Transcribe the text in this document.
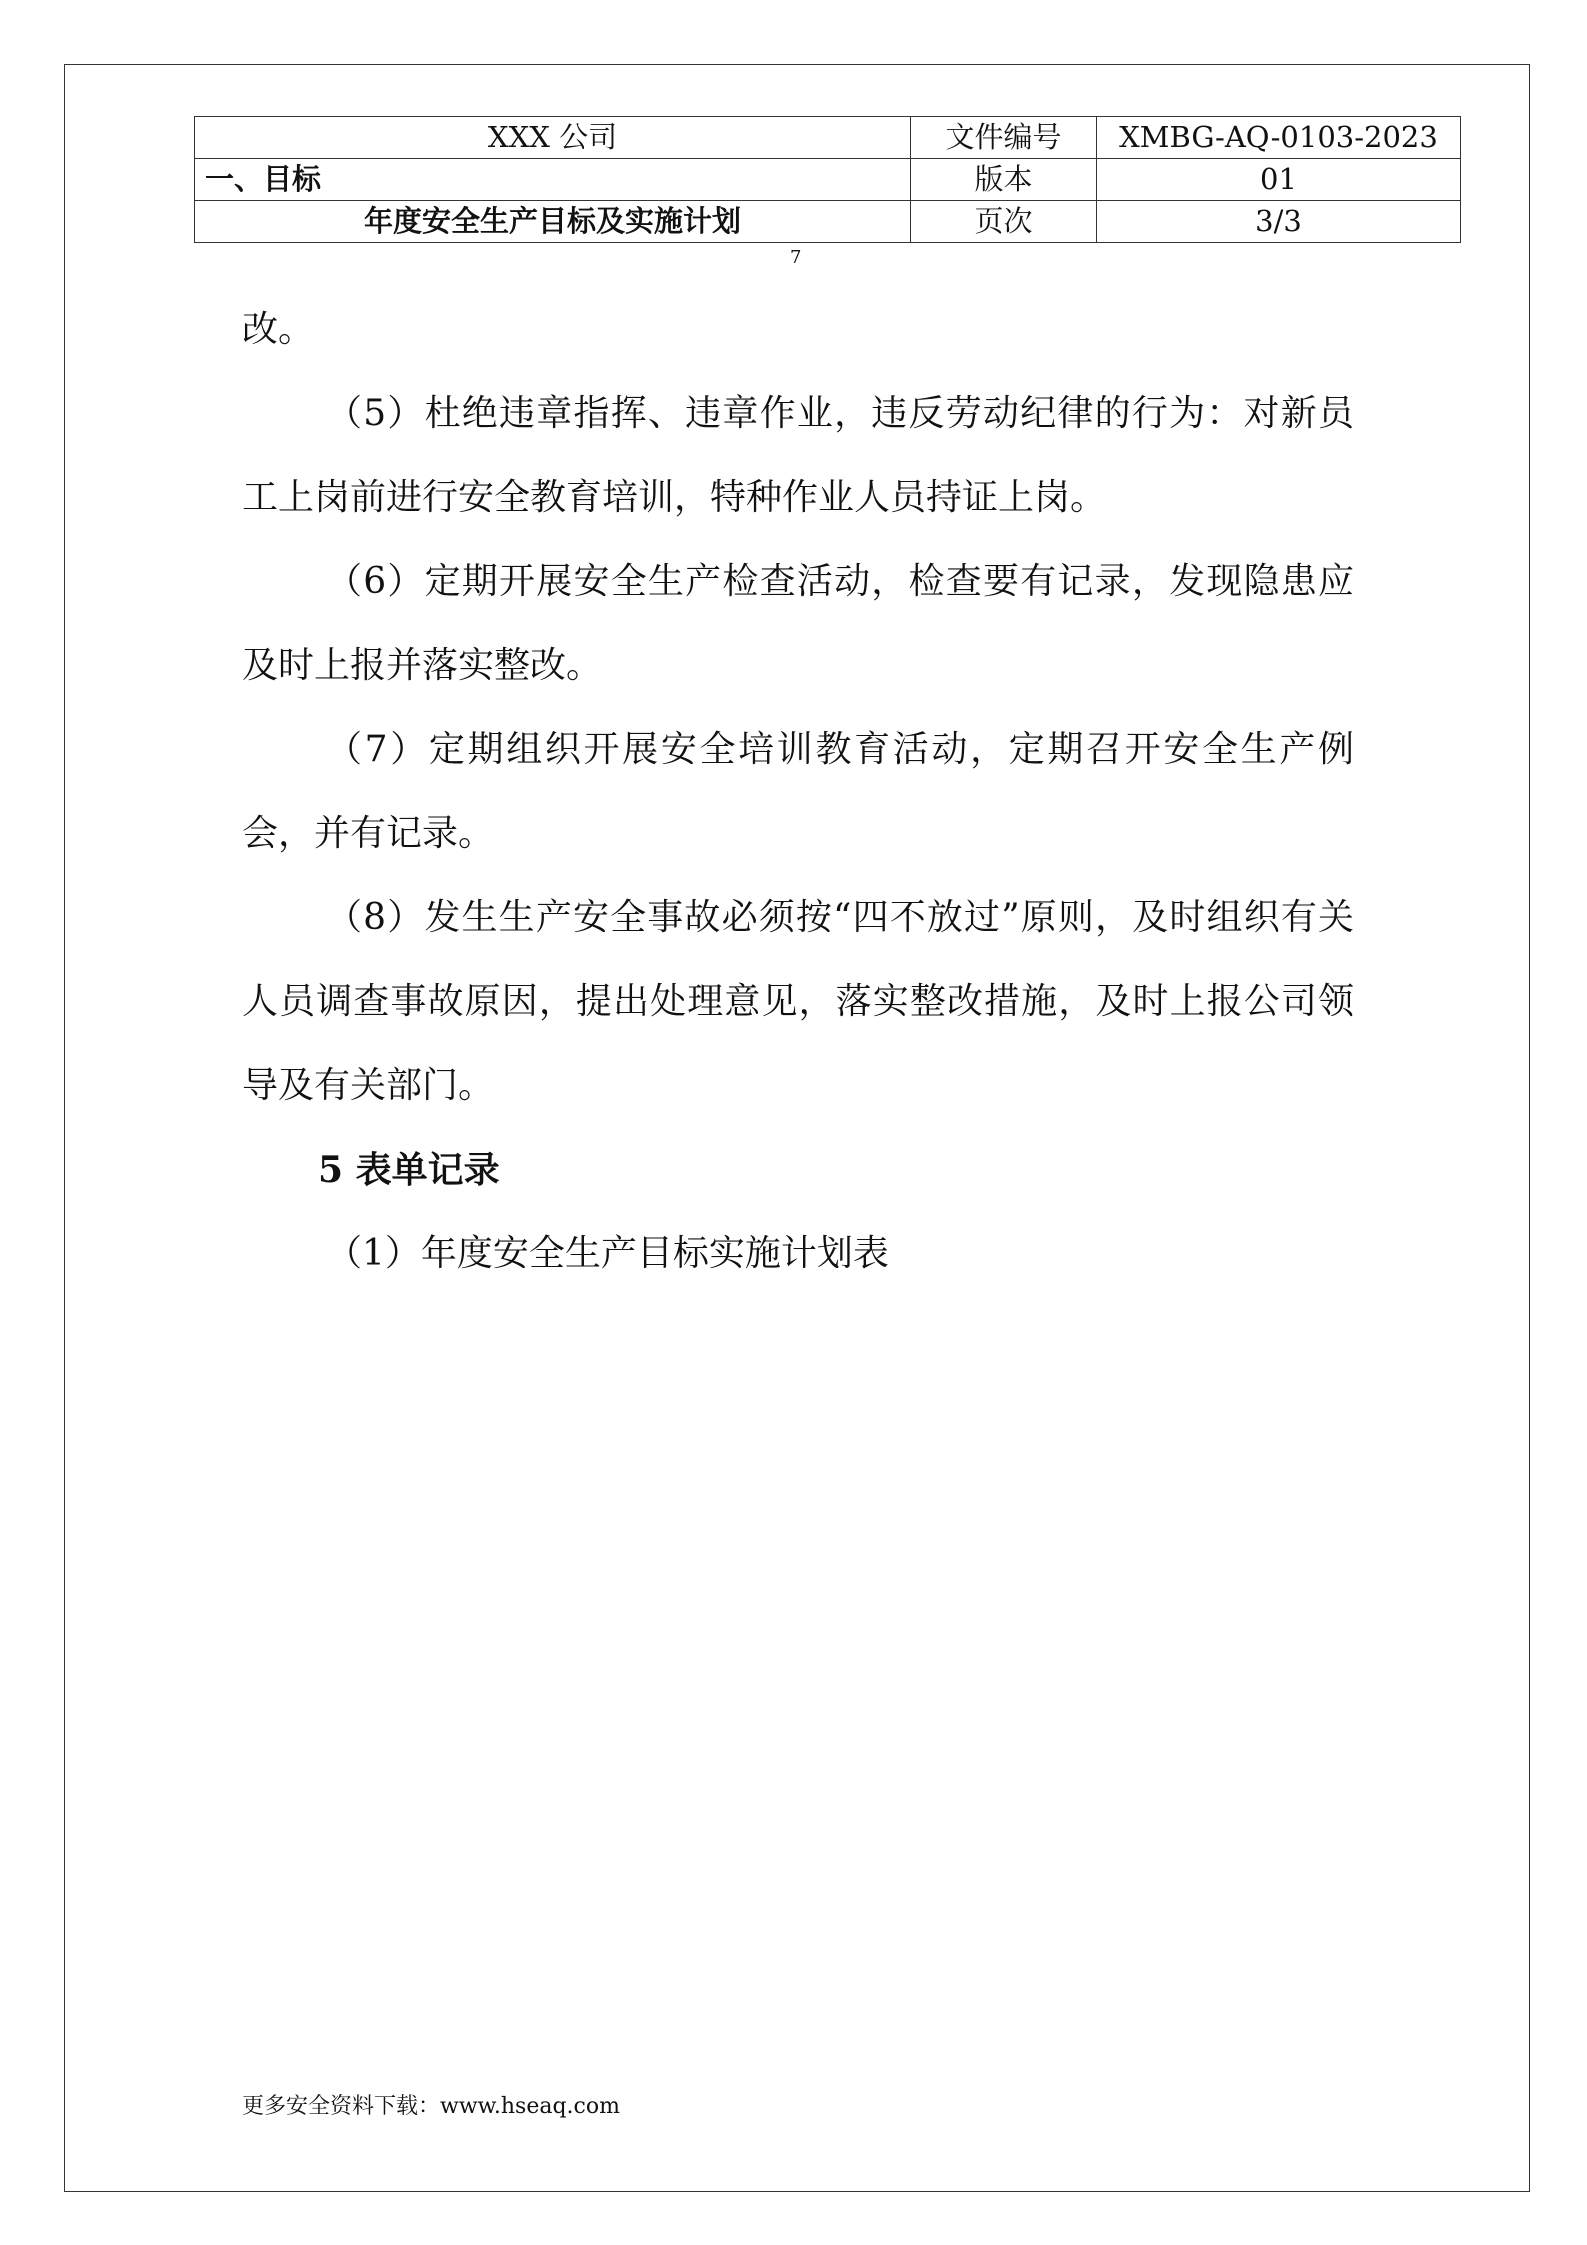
XXX 公司	文件编号	XMBG-AQ-0103-2023
一、目标	版本	01
年度安全生产目标及实施计划	页次	3/3
7

改。

（5）杜绝违章指挥、违章作业，违反劳动纪律的行为：对新员工上岗前进行安全教育培训，特种作业人员持证上岗。

（6）定期开展安全生产检查活动，检查要有记录，发现隐患应及时上报并落实整改。

（7）定期组织开展安全培训教育活动，定期召开安全生产例会，并有记录。

（8）发生生产安全事故必须按“四不放过”原则，及时组织有关人员调查事故原因，提出处理意见，落实整改措施，及时上报公司领导及有关部门。

5 表单记录

（1）年度安全生产目标实施计划表

更多安全资料下载：www.hseaq.com
